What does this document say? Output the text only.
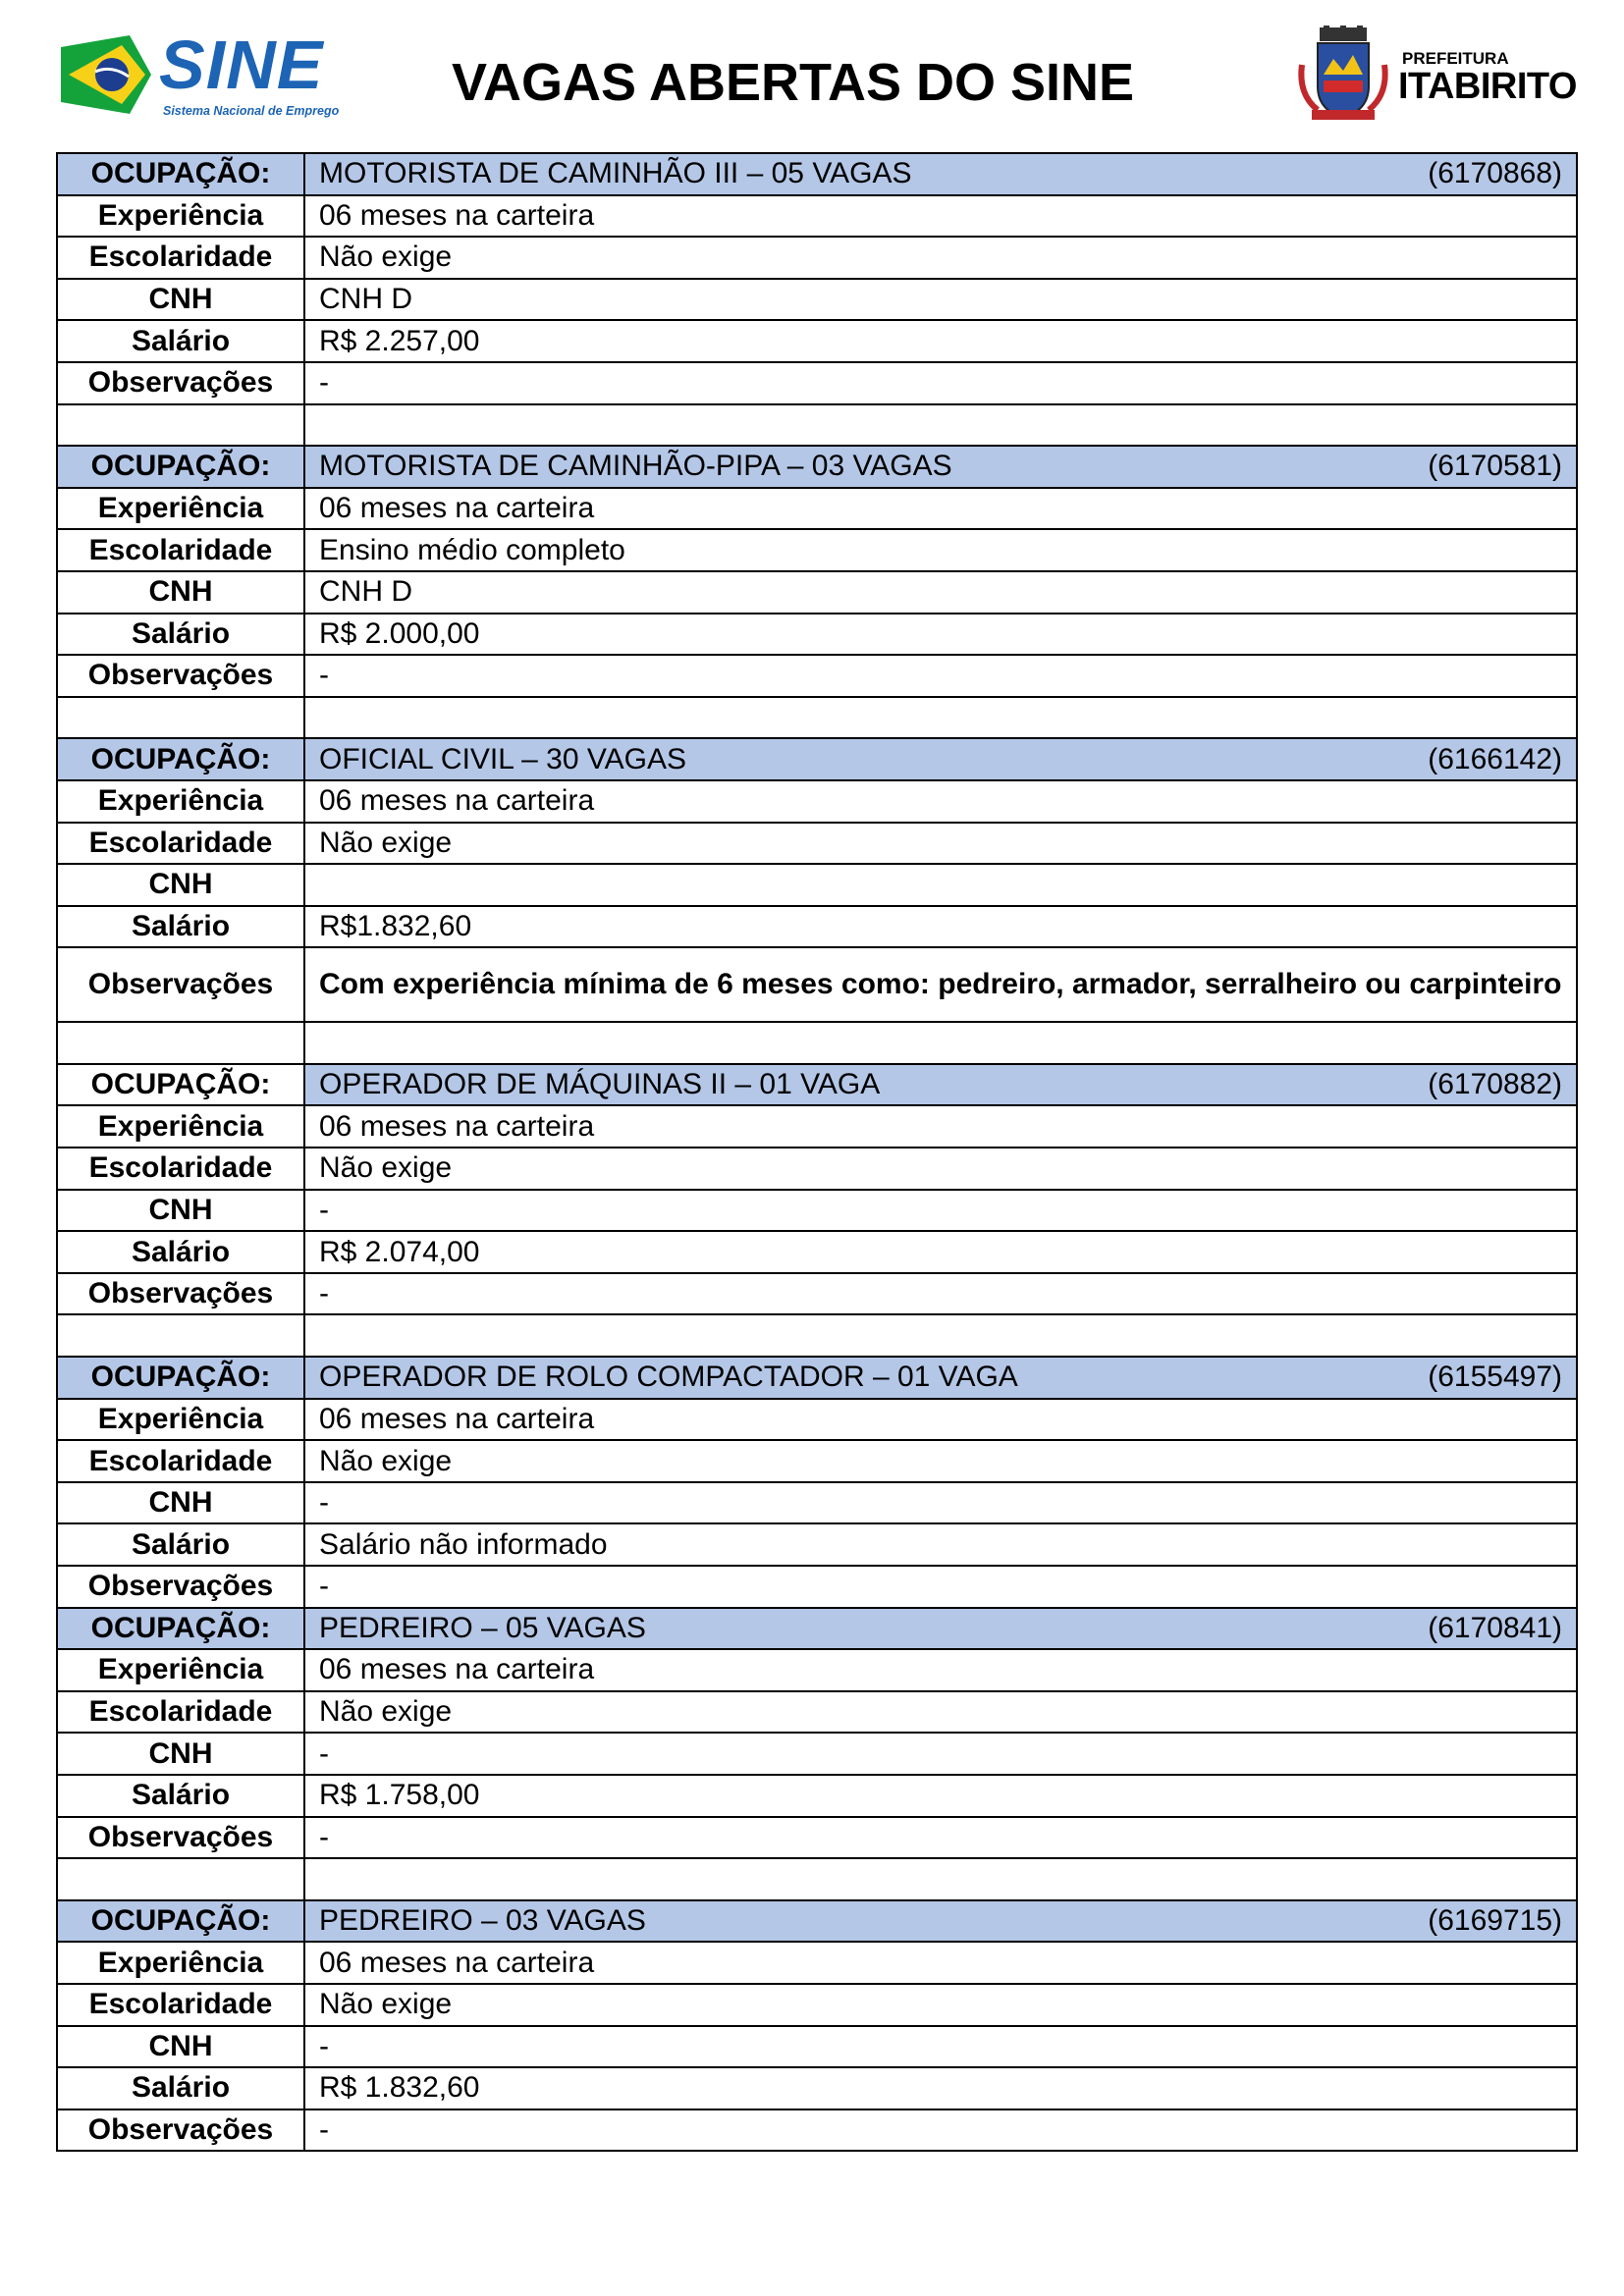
SINE
Sistema Nacional de Emprego VAGAS ABERTAS DO SINE	PREFEITURA
ITABIRITO
OCUPAÇÃO:	MOTORISTA DE CAMINHÃO III – 05 VAGAS (6170868)

Experiência	06 meses na carteira
Escolaridade	Não exige
CNH	CNH D
Salário	R$ 2.257,00
Observações	-

OCUPAÇÃO:	MOTORISTA DE CAMINHÃO-PIPA – 03 VAGAS (6170581)

Experiência	06 meses na carteira
Escolaridade	Ensino médio completo
CNH	CNH D
Salário	R$ 2.000,00
Observações	-

OCUPAÇÃO:	OFICIAL CIVIL – 30 VAGAS (6166142)

Experiência	06 meses na carteira
Escolaridade	Não exige
CNH	
Salário	R$1.832,60
Observações	Com experiência mínima de 6 meses como: pedreiro, armador, serralheiro ou carpinteiro

OCUPAÇÃO:	OPERADOR DE MÁQUINAS II – 01 VAGA (6170882)

Experiência	06 meses na carteira
Escolaridade	Não exige
CNH	-
Salário	R$ 2.074,00
Observações	-

OCUPAÇÃO:	OPERADOR DE ROLO COMPACTADOR – 01 VAGA (6155497)

Experiência	06 meses na carteira
Escolaridade	Não exige
CNH	-
Salário	Salário não informado
Observações	-
OCUPAÇÃO:	PEDREIRO – 05 VAGAS (6170841)

Experiência	06 meses na carteira
Escolaridade	Não exige
CNH	-
Salário	R$ 1.758,00
Observações	-

OCUPAÇÃO:	PEDREIRO – 03 VAGAS (6169715)

Experiência	06 meses na carteira
Escolaridade	Não exige
CNH	-
Salário	R$ 1.832,60
Observações	-
